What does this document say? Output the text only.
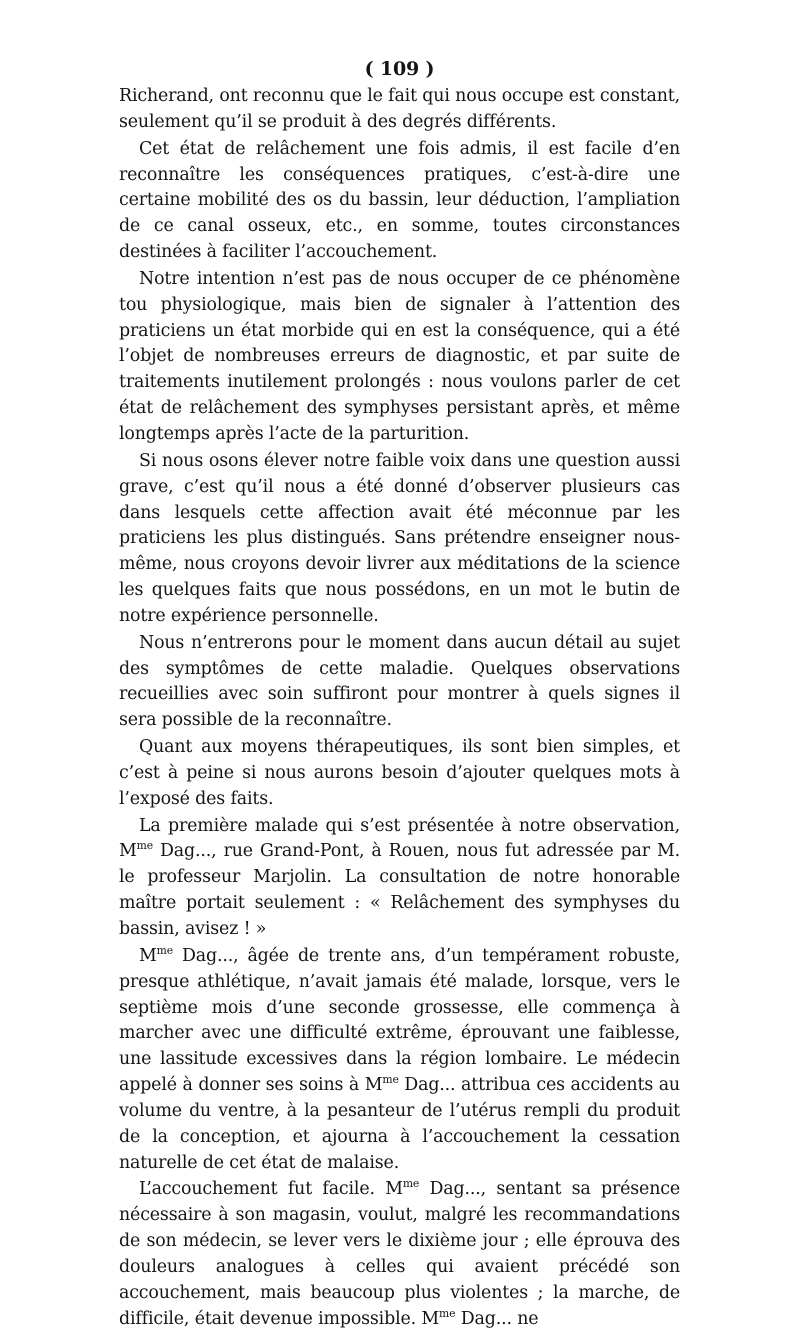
( 109 )

Richerand, ont reconnu que le fait qui nous occupe est constant, seulement qu’il se produit à des degrés différents.

Cet état de relâchement une fois admis, il est facile d’en reconnaître les conséquences pratiques, c’est-à-dire une certaine mobilité des os du bassin, leur déduction, l’ampliation de ce canal osseux, etc., en somme, toutes circonstances destinées à faciliter l’accouchement.

Notre intention n’est pas de nous occuper de ce phénomène tou physiologique, mais bien de signaler à l’attention des praticiens un état morbide qui en est la conséquence, qui a été l’objet de nombreuses erreurs de diagnostic, et par suite de traitements inutilement prolongés : nous voulons parler de cet état de relâchement des symphyses persistant après, et même longtemps après l’acte de la parturition.

Si nous osons élever notre faible voix dans une question aussi grave, c’est qu’il nous a été donné d’observer plusieurs cas dans lesquels cette affection avait été méconnue par les praticiens les plus distingués. Sans prétendre enseigner nous-même, nous croyons devoir livrer aux méditations de la science les quelques faits que nous possédons, en un mot le butin de notre expérience personnelle.

Nous n’entrerons pour le moment dans aucun détail au sujet des symptômes de cette maladie. Quelques observations recueillies avec soin suffiront pour montrer à quels signes il sera possible de la reconnaître.

Quant aux moyens thérapeutiques, ils sont bien simples, et c’est à peine si nous aurons besoin d’ajouter quelques mots à l’exposé des faits.

La première malade qui s’est présentée à notre observation, $M^{me}$ Dag..., rue Grand-Pont, à Rouen, nous fut adressée par M. le professeur Marjolin. La consultation de notre honorable maître portait seulement : « Relâchement des symphyses du bassin, avisez ! »

$M^{me}$ Dag..., âgée de trente ans, d’un tempérament robuste, presque athlétique, n’avait jamais été malade, lorsque, vers le septième mois d’une seconde grossesse, elle commença à marcher avec une difficulté extrême, éprouvant une faiblesse, une lassitude excessives dans la région lombaire. Le médecin appelé à donner ses soins à $M^{me}$ Dag... attribua ces accidents au volume du ventre, à la pesanteur de l’utérus rempli du produit de la conception, et ajourna à l’accouchement la cessation naturelle de cet état de malaise.

L’accouchement fut facile. $M^{me}$ Dag..., sentant sa présence nécessaire à son magasin, voulut, malgré les recommandations de son médecin, se lever vers le dixième jour ; elle éprouva des douleurs analogues à celles qui avaient précédé son accouchement, mais beaucoup plus violentes ; la marche, de difficile, était devenue impossible. $M^{me}$ Dag... ne
